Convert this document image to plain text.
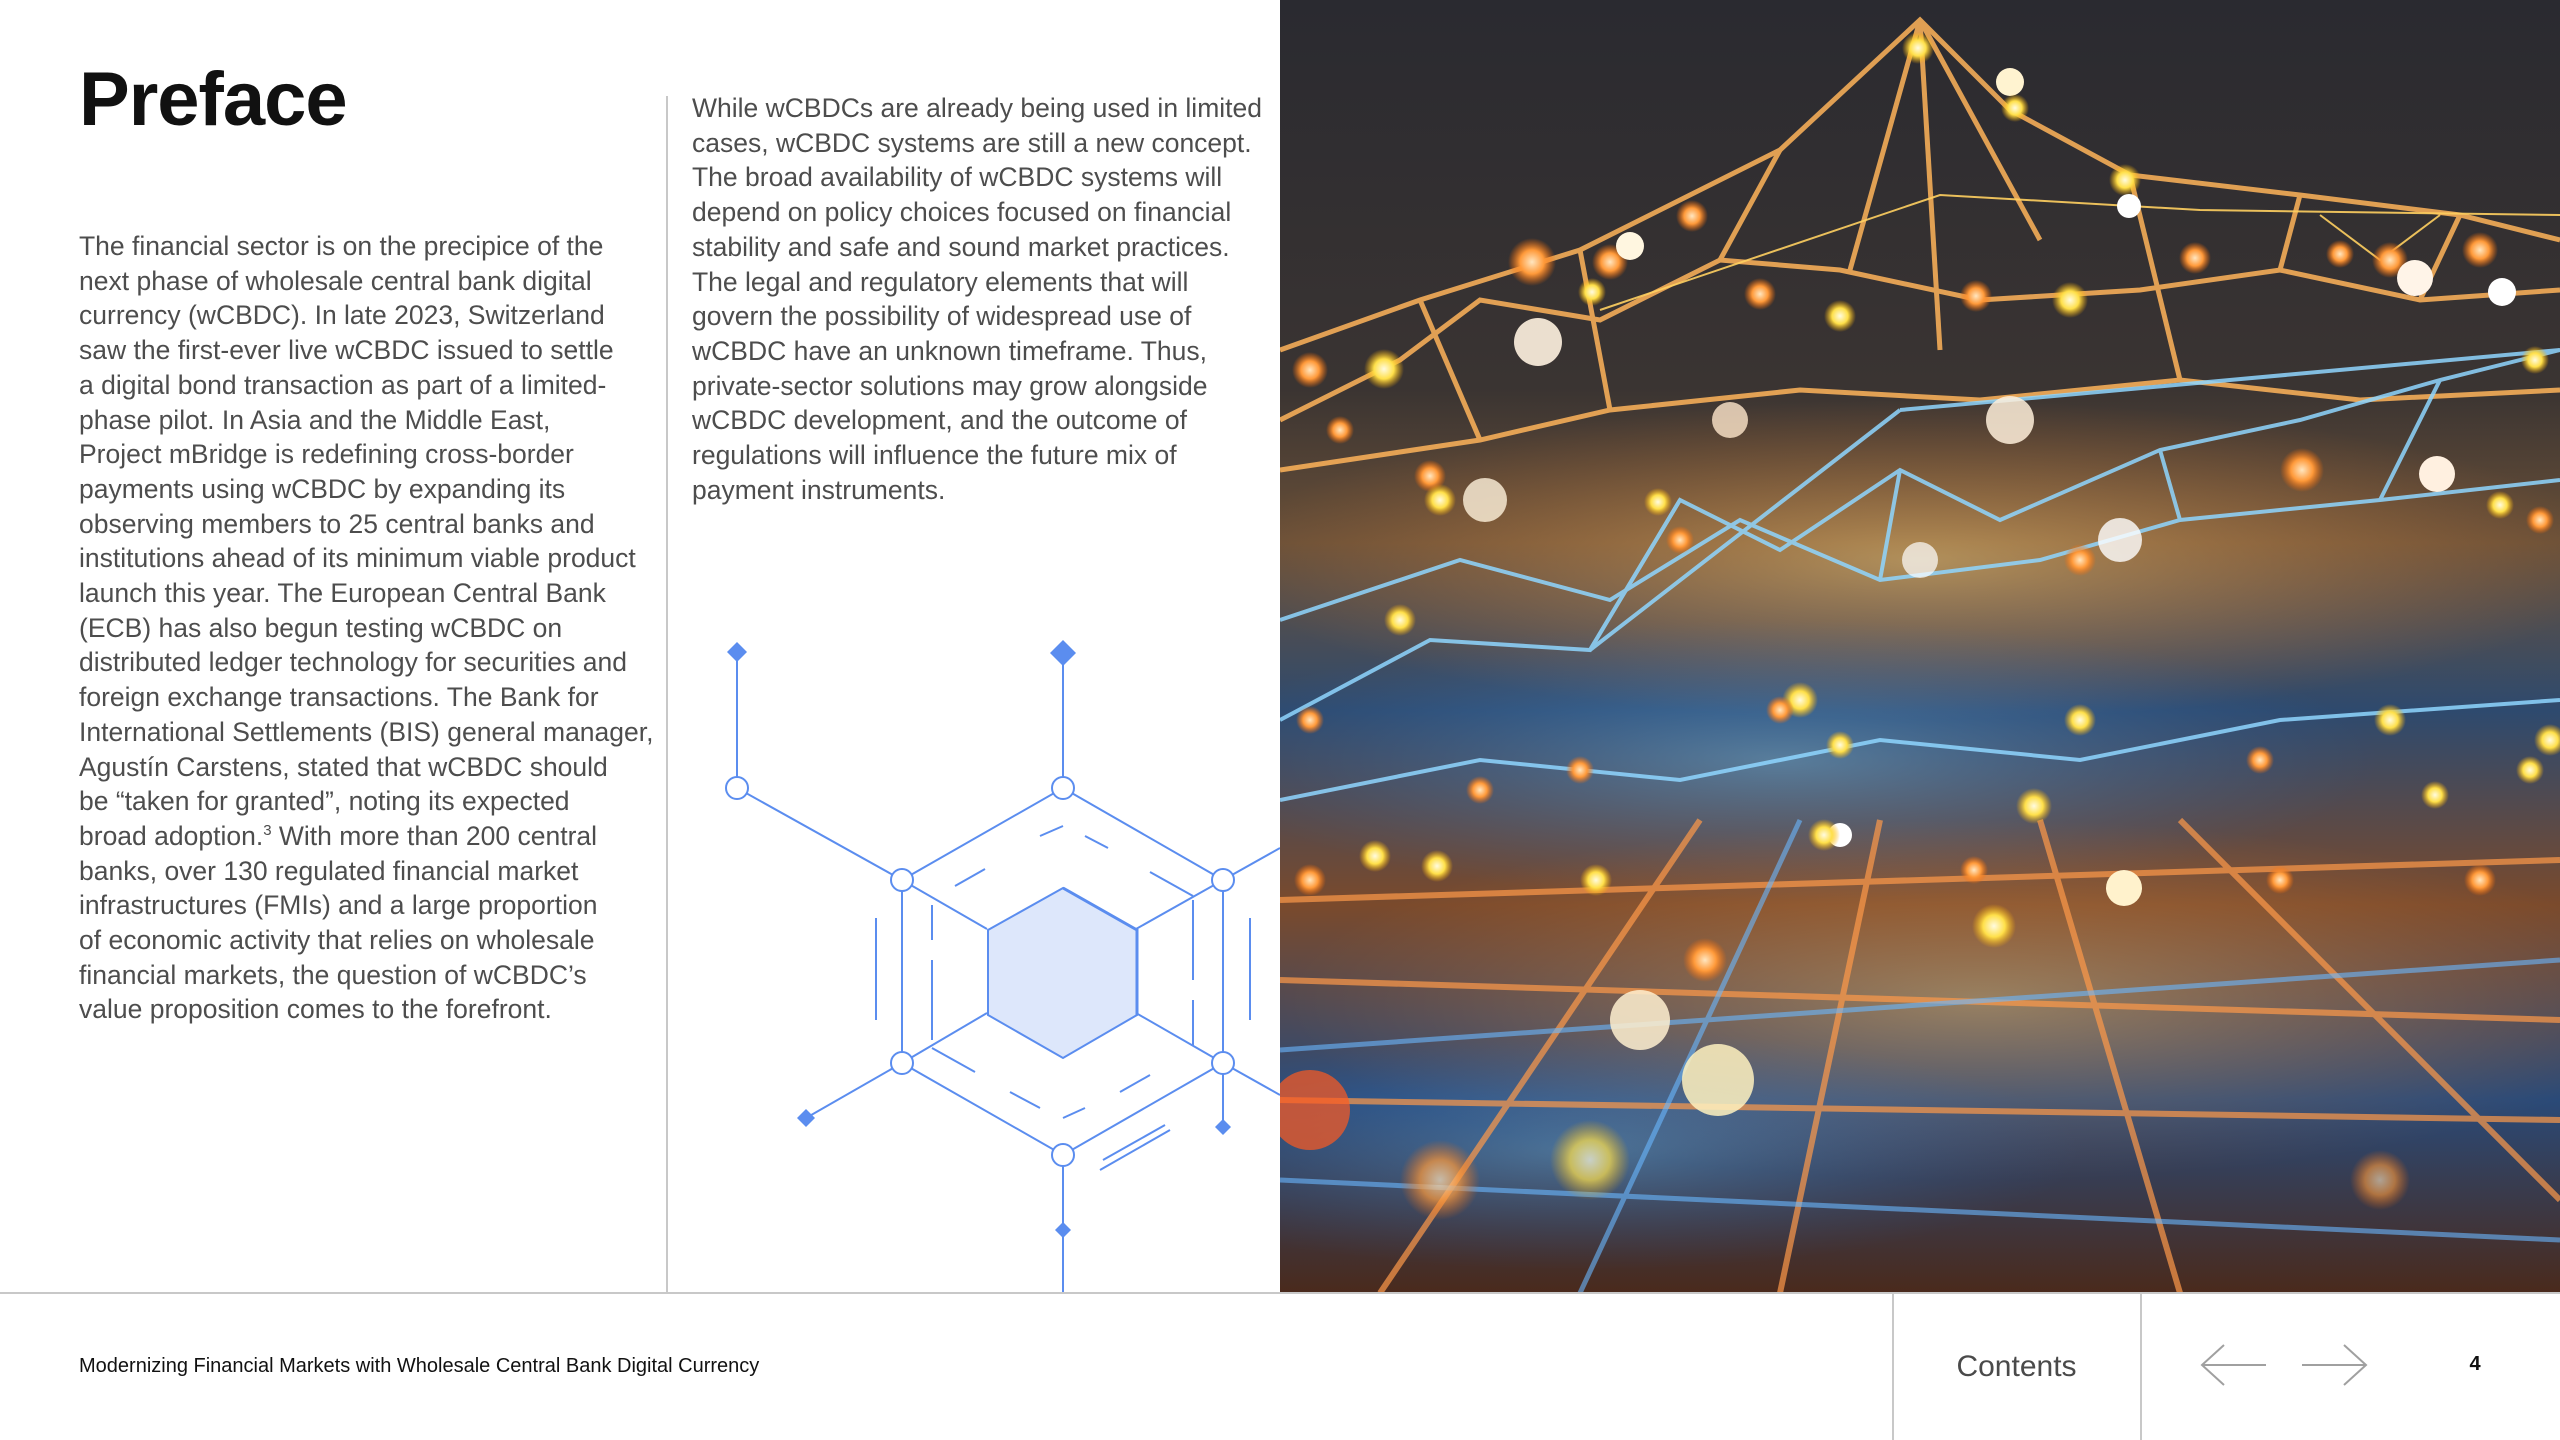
Preface
The financial sector is on the precipice of the
next phase of wholesale central bank digital
currency (wCBDC). In late 2023, Switzerland
saw the first-ever live wCBDC issued to settle
a digital bond transaction as part of a limited-
phase pilot. In Asia and the Middle East,
Project mBridge is redefining cross-border
payments using wCBDC by expanding its
observing members to 25 central banks and
institutions ahead of its minimum viable product
launch this year. The European Central Bank
(ECB) has also begun testing wCBDC on
distributed ledger technology for securities and
foreign exchange transactions. The Bank for
International Settlements (BIS) general manager,
Agustín Carstens, stated that wCBDC should
be “taken for granted”, noting its expected
broad adoption.$^3$ With more than 200 central
banks, over 130 regulated financial market
infrastructures (FMIs) and a large proportion
of economic activity that relies on wholesale
financial markets, the question of wCBDC’s
value proposition comes to the forefront.
While wCBDCs are already being used in limited
cases, wCBDC systems are still a new concept.
The broad availability of wCBDC systems will
depend on policy choices focused on financial
stability and safe and sound market practices.
The legal and regulatory elements that will
govern the possibility of widespread use of
wCBDC have an unknown timeframe. Thus,
private-sector solutions may grow alongside
wCBDC development, and the outcome of
regulations will influence the future mix of
payment instruments.
Modernizing Financial Markets with Wholesale Central Bank Digital Currency	Contents	4
